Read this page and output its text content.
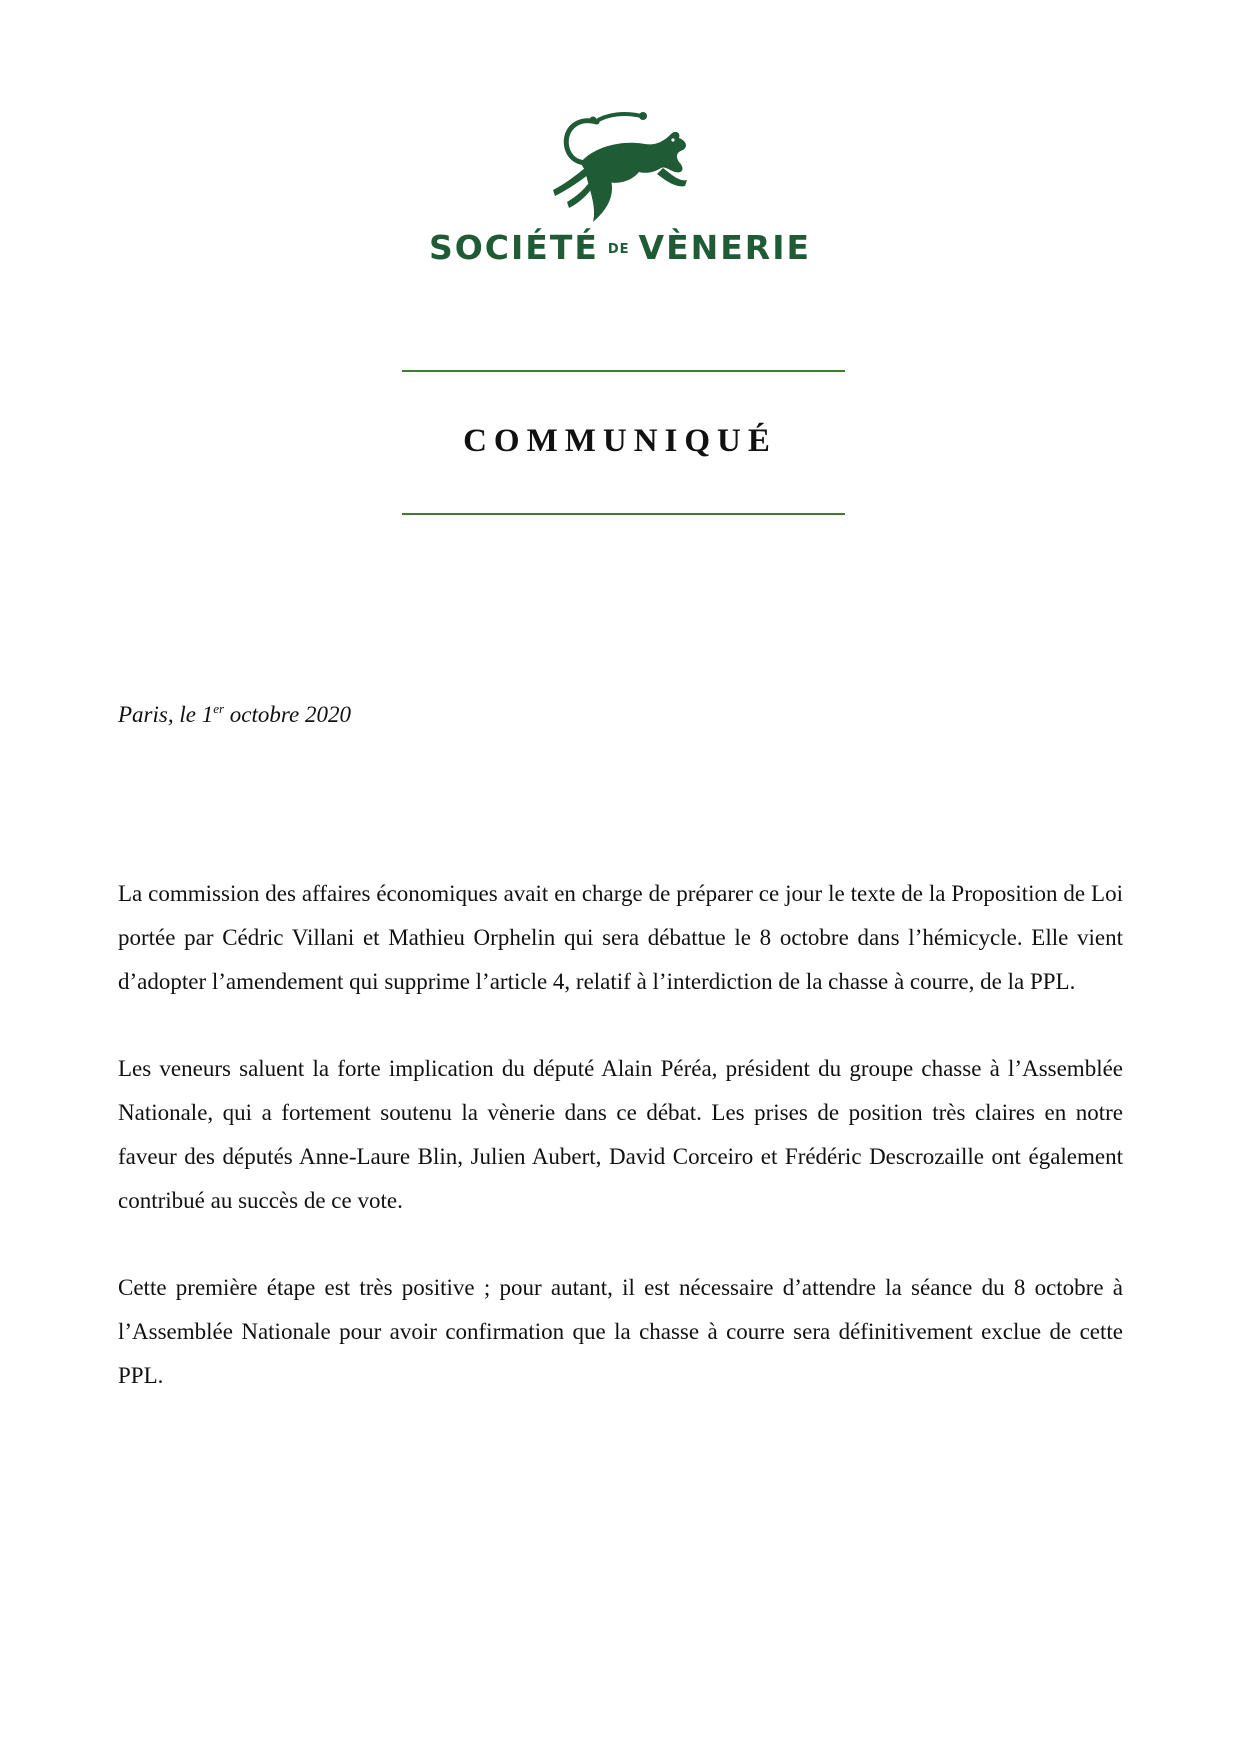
SOCIÉTÉ $^{DE}$ VÈNERIE
COMMUNIQUÉ
Paris, le 1er octobre 2020

La commission des affaires économiques avait en charge de préparer ce jour le texte de la Proposition de Loi portée par Cédric Villani et Mathieu Orphelin qui sera débattue le 8 octobre dans l’hémicycle. Elle vient d’adopter l’amendement qui supprime l’article 4, relatif à l’interdiction de la chasse à courre, de la PPL.

Les veneurs saluent la forte implication du député Alain Péréa, président du groupe chasse à l’Assemblée Nationale, qui a fortement soutenu la vènerie dans ce débat. Les prises de position très claires en notre faveur des députés Anne-Laure Blin, Julien Aubert, David Corceiro et Frédéric Descrozaille ont également contribué au succès de ce vote.

Cette première étape est très positive ; pour autant, il est nécessaire d’attendre la séance du 8 octobre à l’Assemblée Nationale pour avoir confirmation que la chasse à courre sera définitivement exclue de cette PPL.
